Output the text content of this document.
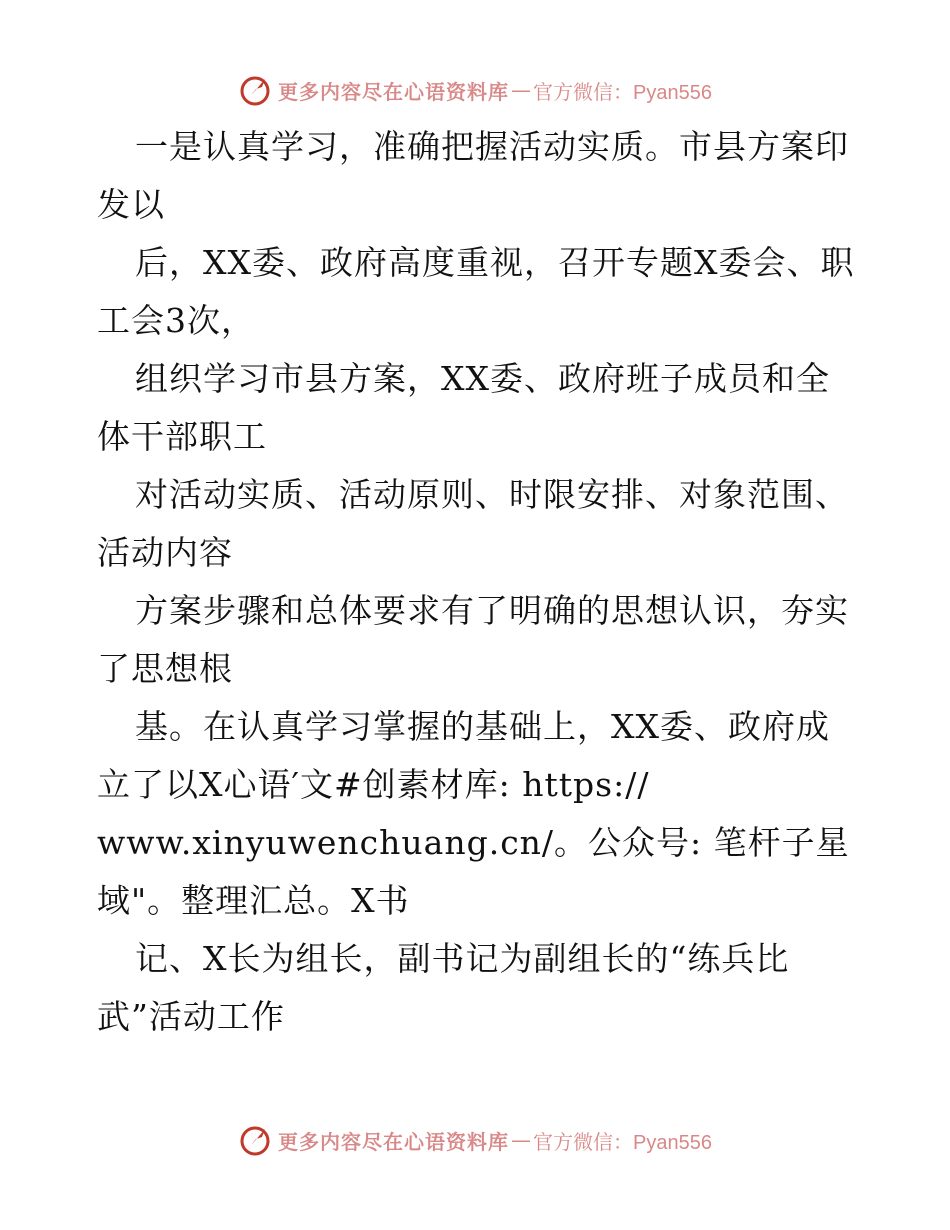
更多内容尽在心语资料库 — 官方微信：Pyan556
一是认真学习，准确把握活动实质。市县方案印
发以
后，XX委、政府高度重视，召开专题X委会、职
工会3次，
组织学习市县方案，XX委、政府班子成员和全
体干部职工
对活动实质、活动原则、时限安排、对象范围、
活动内容
方案步骤和总体要求有了明确的思想认识，夯实
了思想根
基。在认真学习掌握的基础上，XX委、政府成
立了以X心语′文#创素材库: https://
www.xinyuwenchuang.cn/。公众号: 笔杆子星
域"。整理汇总。X书
记、X长为组长，副书记为副组长的“练兵比
武”活动工作
更多内容尽在心语资料库 — 官方微信：Pyan556
